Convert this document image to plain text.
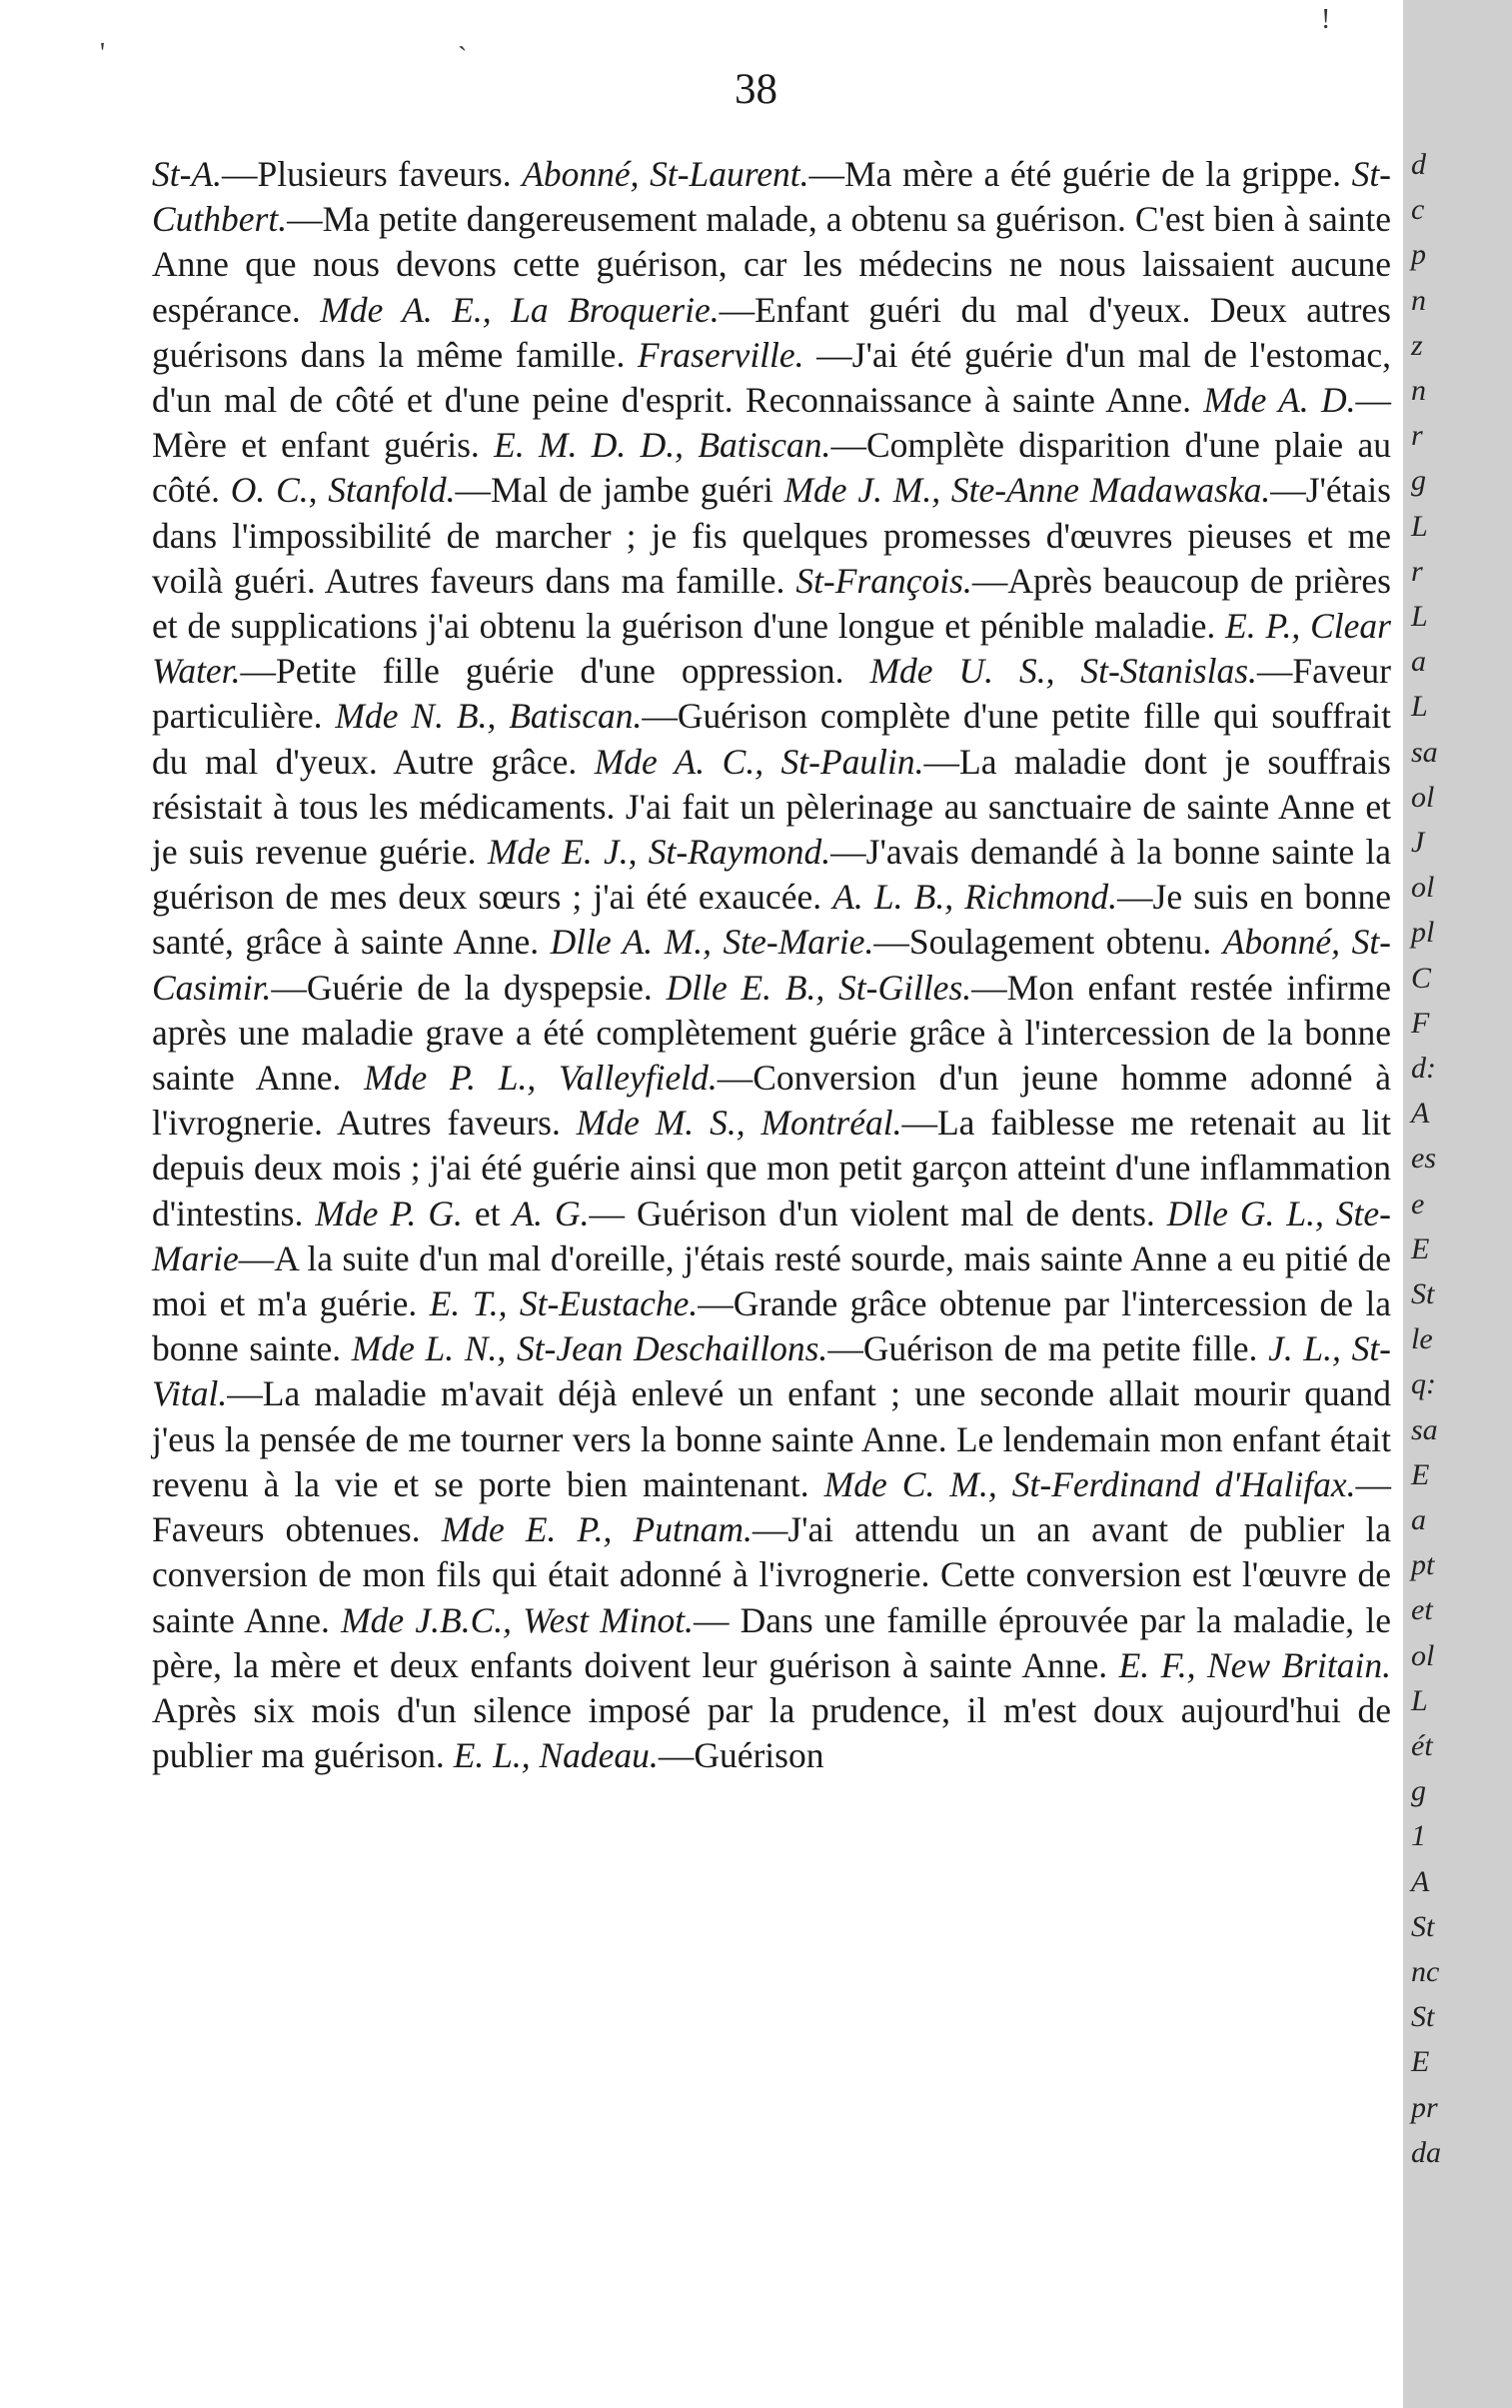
'	`
!
38

St-A.—Plusieurs faveurs. Abonné, St-Laurent.—Ma mère a été guérie de la grippe. St-Cuthbert.—Ma petite dangereusement malade, a obtenu sa guérison. C'est bien à sainte Anne que nous devons cette guérison, car les médecins ne nous laissaient aucune espérance. Mde A. E., La Broquerie.—Enfant guéri du mal d'yeux. Deux autres guérisons dans la même famille. Fraserville. —J'ai été guérie d'un mal de l'estomac, d'un mal de côté et d'une peine d'esprit. Reconnaissance à sainte Anne. Mde A. D.—Mère et enfant guéris. E. M. D. D., Batiscan.—Complète disparition d'une plaie au côté. O. C., Stanfold.—Mal de jambe guéri Mde J. M., Ste-Anne Madawaska.—J'étais dans l'impossibilité de marcher ; je fis quelques promesses d'œuvres pieuses et me voilà guéri. Autres faveurs dans ma famille. St-François.—Après beaucoup de prières et de supplications j'ai obtenu la guérison d'une longue et pénible maladie. E. P., Clear Water.—Petite fille guérie d'une oppression. Mde U. S., St-Stanislas.—Faveur particulière. Mde N. B., Batiscan.—Guérison complète d'une petite fille qui souffrait du mal d'yeux. Autre grâce. Mde A. C., St-Paulin.—La maladie dont je souffrais résistait à tous les médicaments. J'ai fait un pèlerinage au sanctuaire de sainte Anne et je suis revenue guérie. Mde E. J., St-Raymond.—J'avais demandé à la bonne sainte la guérison de mes deux sœurs ; j'ai été exaucée. A. L. B., Richmond.—Je suis en bonne santé, grâce à sainte Anne. Dlle A. M., Ste-Marie.—Soulagement obtenu. Abonné, St-Casimir.—Guérie de la dyspepsie. Dlle E. B., St-Gilles.—Mon enfant restée infirme après une maladie grave a été complètement guérie grâce à l'intercession de la bonne sainte Anne. Mde P. L., Valleyfield.—Conversion d'un jeune homme adonné à l'ivrognerie. Autres faveurs. Mde M. S., Montréal.—La faiblesse me retenait au lit depuis deux mois ; j'ai été guérie ainsi que mon petit garçon atteint d'une inflammation d'intestins. Mde P. G. et A. G.— Guérison d'un violent mal de dents. Dlle G. L., Ste-Marie—A la suite d'un mal d'oreille, j'étais resté sourde, mais sainte Anne a eu pitié de moi et m'a guérie. E. T., St-Eustache.—Grande grâce obtenue par l'intercession de la bonne sainte. Mde L. N., St-Jean Deschaillons.—Guérison de ma petite fille. J. L., St-Vital.—La maladie m'avait déjà enlevé un enfant ; une seconde allait mourir quand j'eus la pensée de me tourner vers la bonne sainte Anne. Le lendemain mon enfant était revenu à la vie et se porte bien maintenant. Mde C. M., St-Ferdinand d'Halifax.—Faveurs obtenues. Mde E. P., Putnam.—J'ai attendu un an avant de publier la conversion de mon fils qui était adonné à l'ivrognerie. Cette conversion est l'œuvre de sainte Anne. Mde J.B.C., West Minot.— Dans une famille éprouvée par la maladie, le père, la mère et deux enfants doivent leur guérison à sainte Anne. E. F., New Britain. Après six mois d'un silence imposé par la prudence, il m'est doux aujourd'hui de publier ma guérison. E. L., Nadeau.—Guérison

d
c
p
n
z
n
r
g
L
r
L
a
L
sa
ol
J
ol
pl
C
F
d:
A
es
e
E
St
le
q:
sa
E
a
pt
et
ol
L
ét
g
1
A
St
nc
St
E
pr
da
